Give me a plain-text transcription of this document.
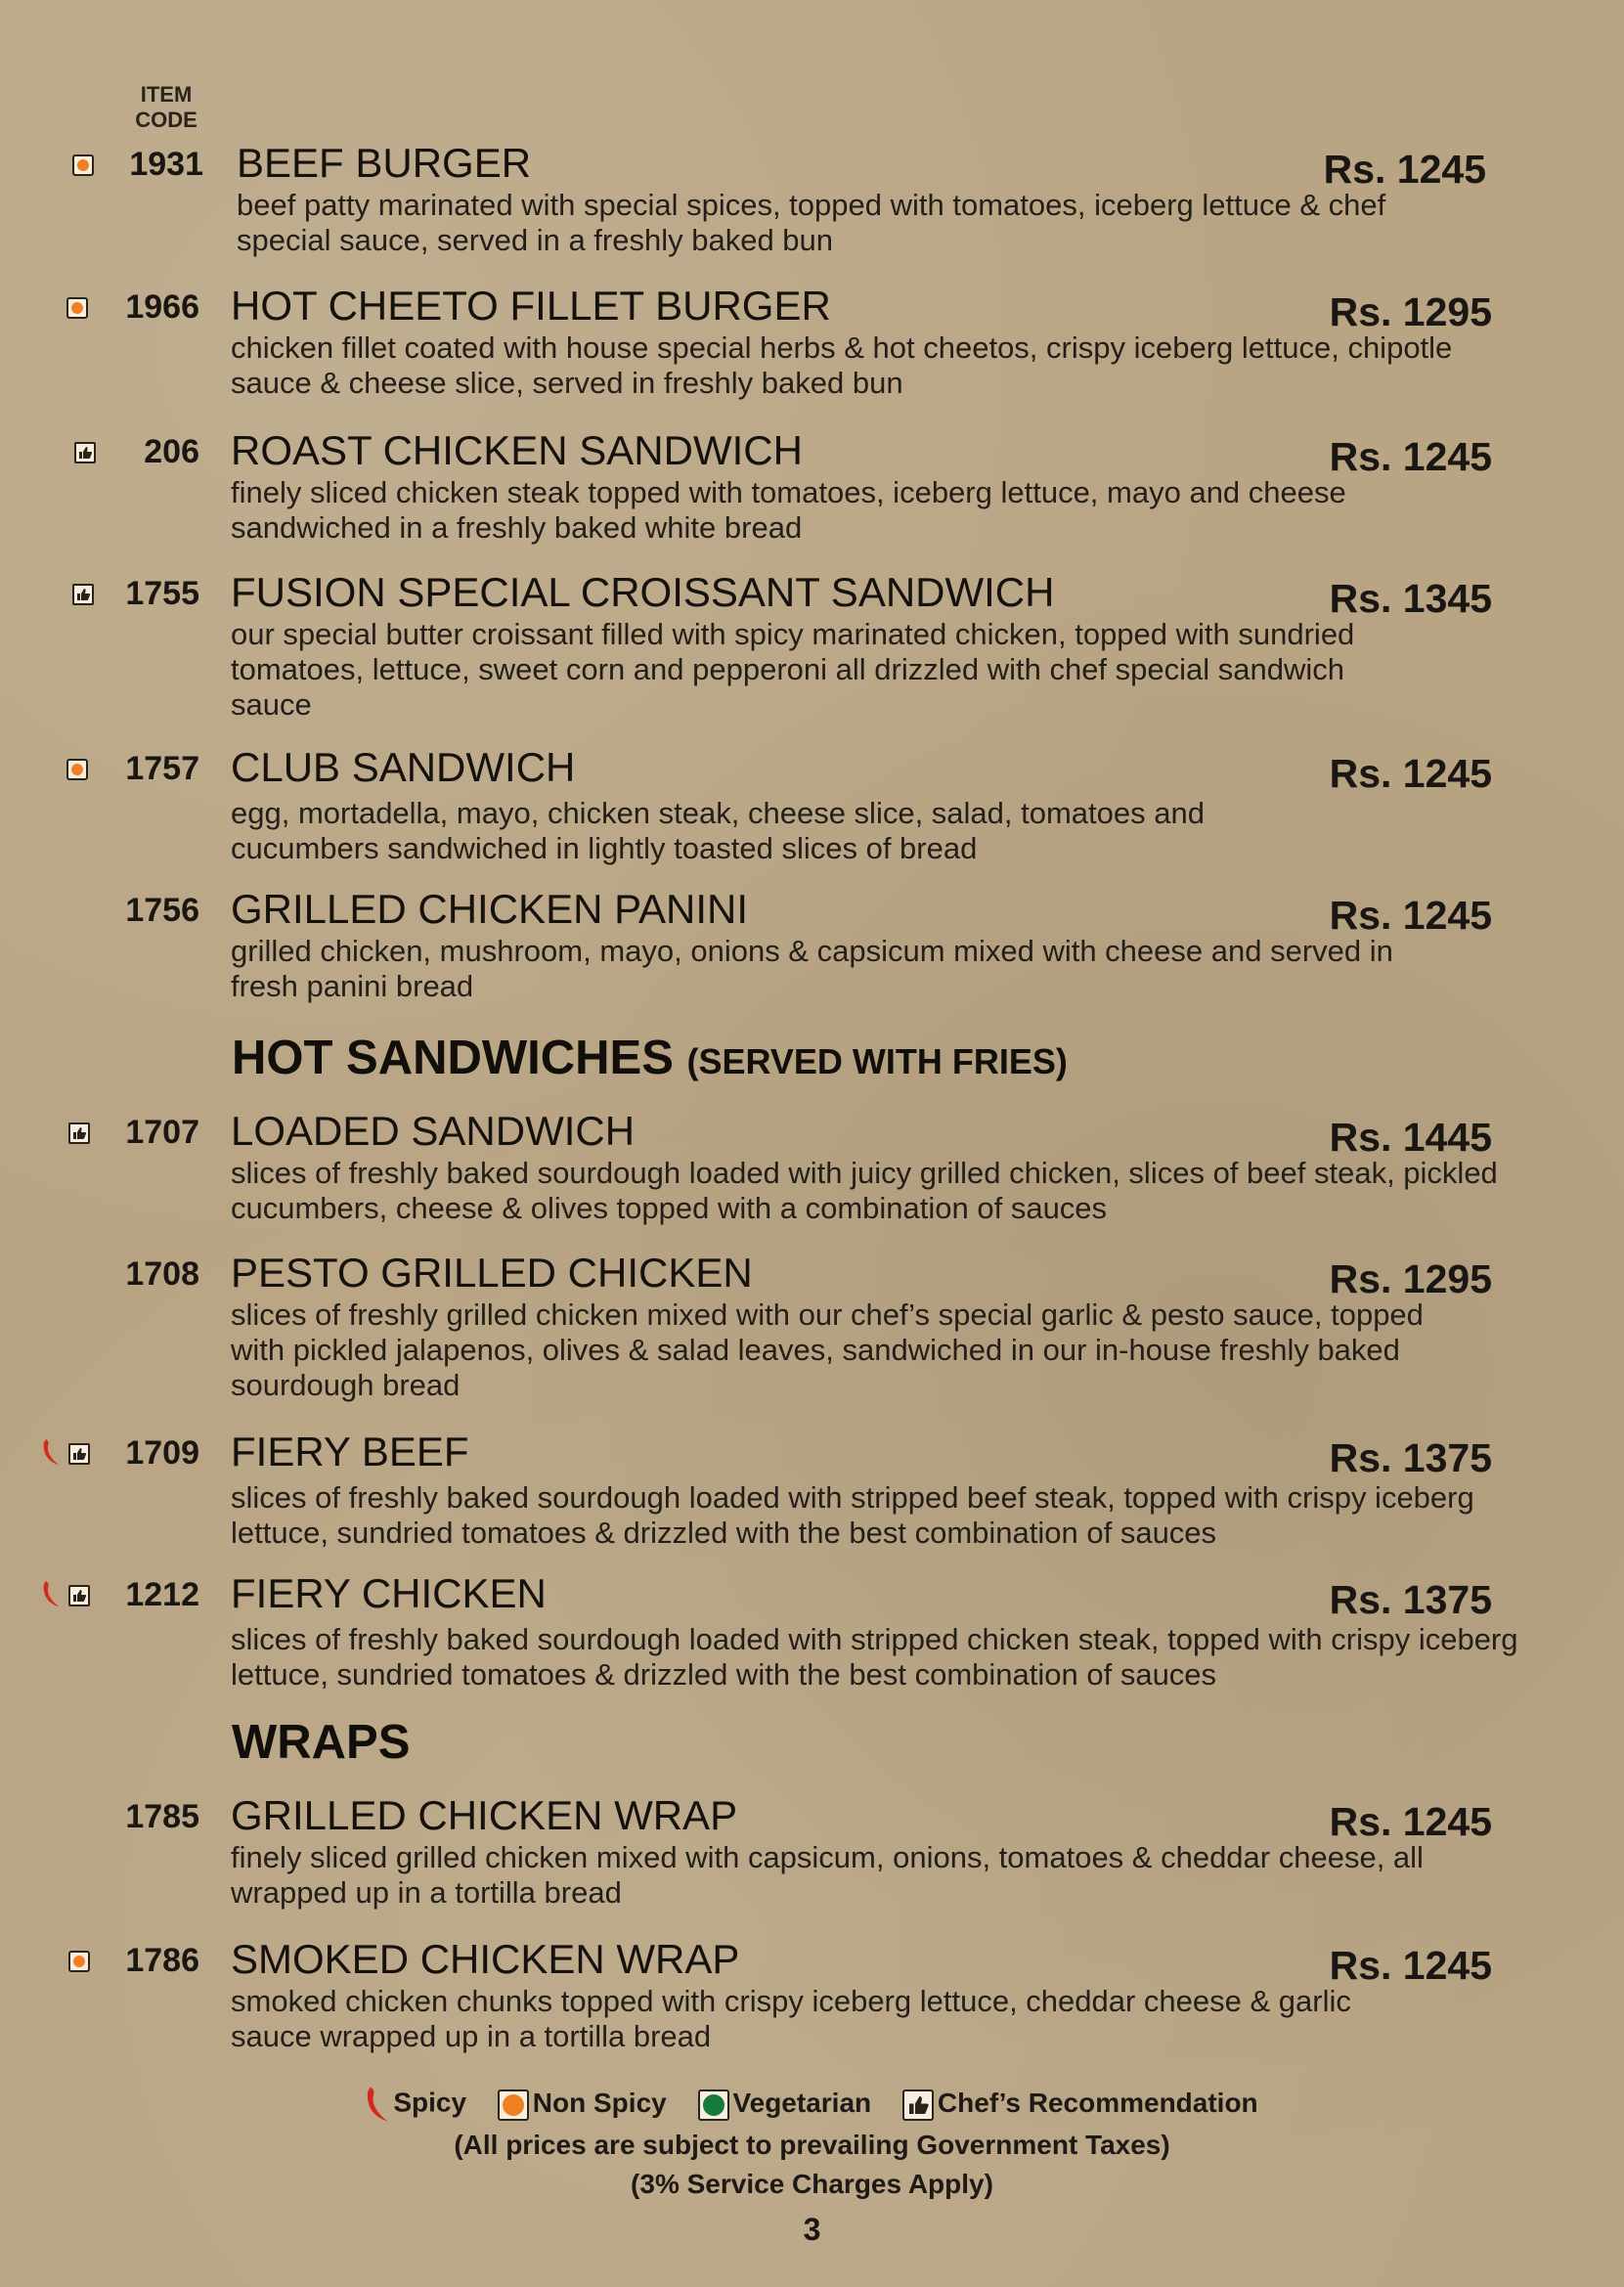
ITEM
CODE
1931 BEEF BURGER	Rs. 1245
beef patty marinated with special spices, topped with tomatoes, iceberg lettuce & chef special sauce, served in a freshly baked bun
1966 HOT CHEETO FILLET BURGER	Rs. 1295
chicken fillet coated with house special herbs & hot cheetos, crispy iceberg lettuce, chipotle sauce & cheese slice, served in freshly baked bun
206 ROAST CHICKEN SANDWICH	Rs. 1245
finely sliced chicken steak topped with tomatoes, iceberg lettuce, mayo and cheese sandwiched in a freshly baked white bread
1755 FUSION SPECIAL CROISSANT SANDWICH	Rs. 1345
our special butter croissant filled with spicy marinated chicken, topped with sundried tomatoes, lettuce, sweet corn and pepperoni all drizzled with chef special sandwich sauce
1757 CLUB SANDWICH	Rs. 1245
egg, mortadella, mayo, chicken steak, cheese slice, salad, tomatoes and cucumbers sandwiched in lightly toasted slices of bread
1756 GRILLED CHICKEN PANINI	Rs. 1245
grilled chicken, mushroom, mayo, onions & capsicum mixed with cheese and served in fresh panini bread
HOT SANDWICHES (SERVED WITH FRIES)
1707 LOADED SANDWICH	Rs. 1445
slices of freshly baked sourdough loaded with juicy grilled chicken, slices of beef steak, pickled cucumbers, cheese & olives topped with a combination of sauces
1708 PESTO GRILLED CHICKEN	Rs. 1295
slices of freshly grilled chicken mixed with our chef’s special garlic & pesto sauce, topped with pickled jalapenos, olives & salad leaves, sandwiched in our in-house freshly baked sourdough bread
1709 FIERY BEEF	Rs. 1375
slices of freshly baked sourdough loaded with stripped beef steak, topped with crispy iceberg lettuce, sundried tomatoes & drizzled with the best combination of sauces
1212 FIERY CHICKEN	Rs. 1375
slices of freshly baked sourdough loaded with stripped chicken steak, topped with crispy iceberg lettuce, sundried tomatoes & drizzled with the best combination of sauces
WRAPS
1785 GRILLED CHICKEN WRAP	Rs. 1245
finely sliced grilled chicken mixed with capsicum, onions, tomatoes & cheddar cheese, all wrapped up in a tortilla bread
1786 SMOKED CHICKEN WRAP	Rs. 1245
smoked chicken chunks topped with crispy iceberg lettuce, cheddar cheese & garlic sauce wrapped up in a tortilla bread
Spicy Non Spicy Vegetarian Chef’s Recommendation
(All prices are subject to prevailing Government Taxes)
(3% Service Charges Apply)
3
